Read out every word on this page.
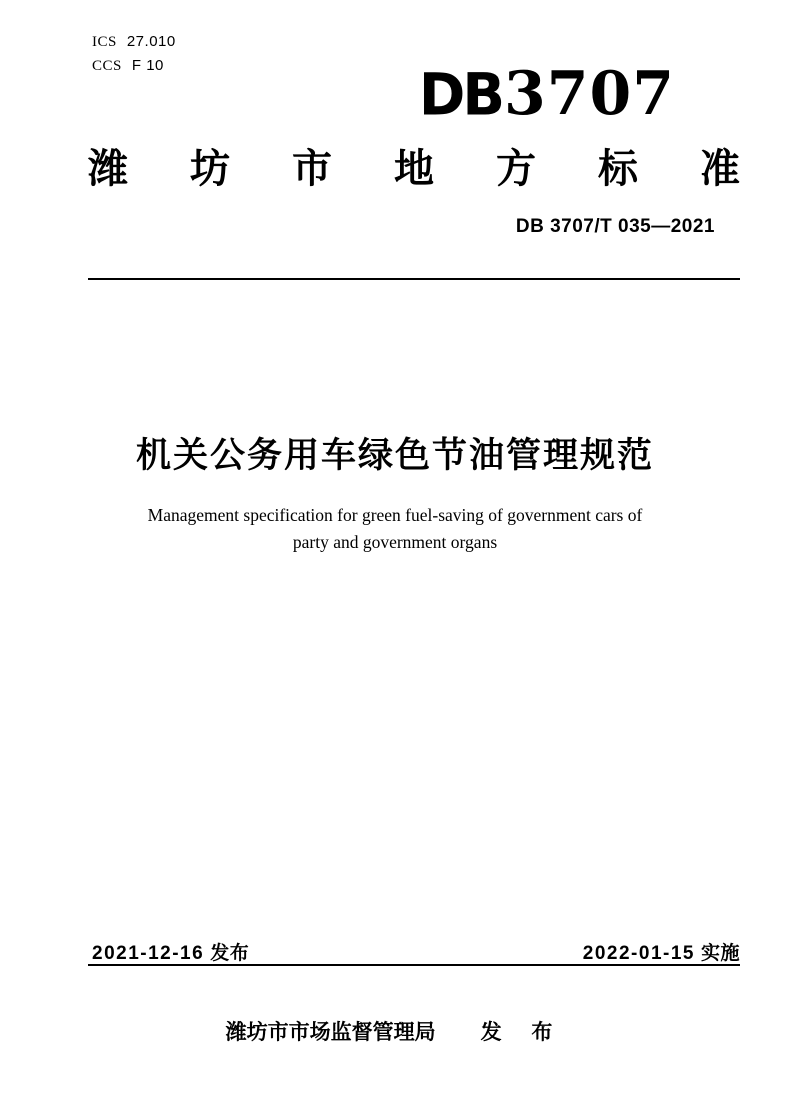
ICS 27.010
CCS F 10	DB3707
潍 坊 市 地 方 标 准
DB 3707/T 035—2021
机关公务用车绿色节油管理规范
Management specification for green fuel-saving of government cars of
party and government organs
2021-12-16 发布	2022-01-15 实施
潍坊市市场监督管理局 发 布
